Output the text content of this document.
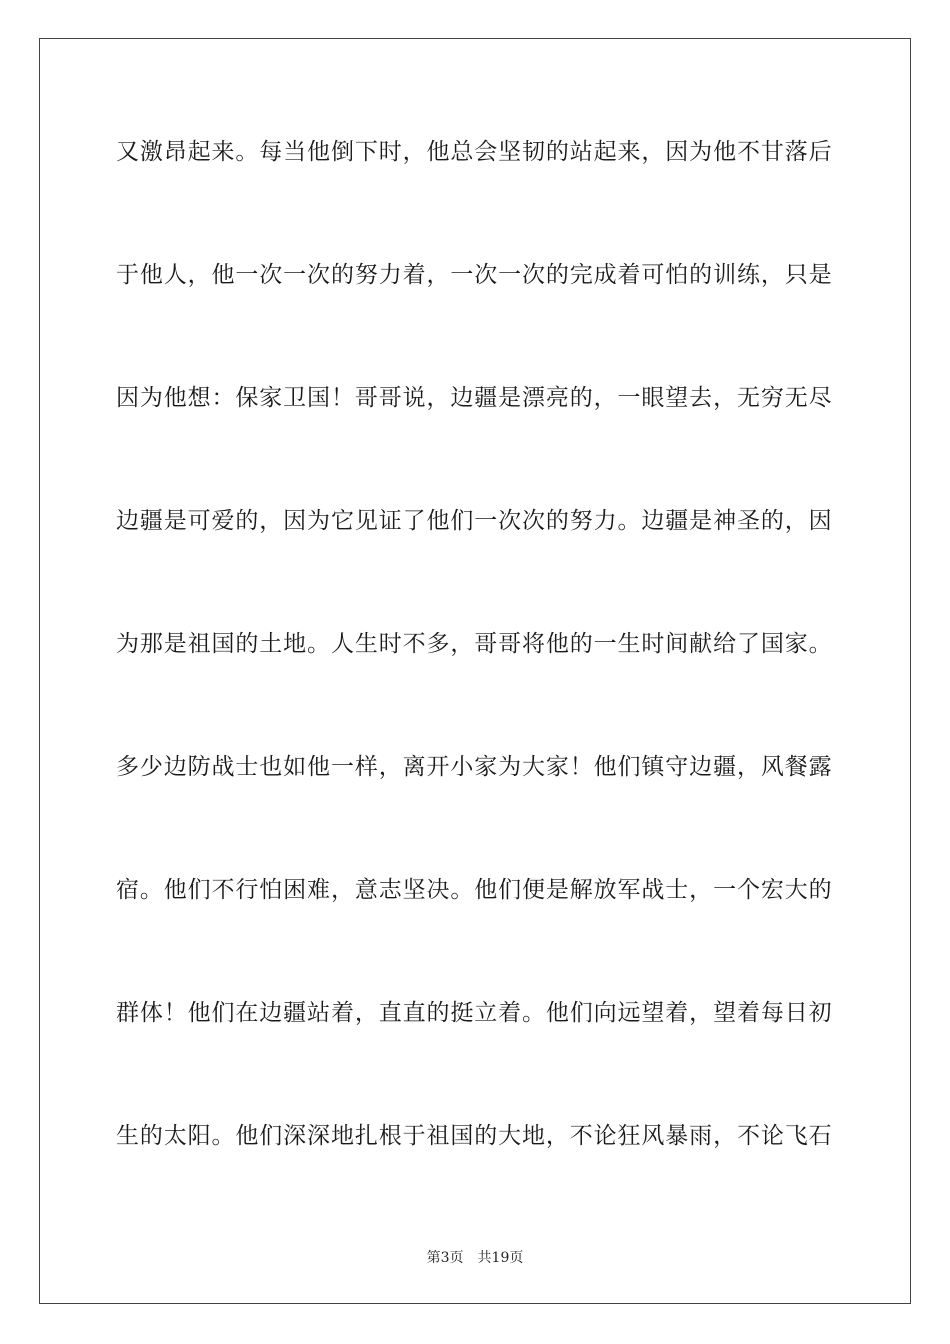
又激昂起来。每当他倒下时，他总会坚韧的站起来，因为他不甘落后
于他人，他一次一次的努力着，一次一次的完成着可怕的训练，只是
因为他想：保家卫国！哥哥说，边疆是漂亮的，一眼望去，无穷无尽
边疆是可爱的，因为它见证了他们一次次的努力。边疆是神圣的，因
为那是祖国的土地。人生时不多，哥哥将他的一生时间献给了国家。
多少边防战士也如他一样，离开小家为大家！他们镇守边疆，风餐露
宿。他们不行怕困难，意志坚决。他们便是解放军战士，一个宏大的
群体！他们在边疆站着，直直的挺立着。他们向远望着，望着每日初
生的太阳。他们深深地扎根于祖国的大地，不论狂风暴雨，不论飞石
第3页 共19页
